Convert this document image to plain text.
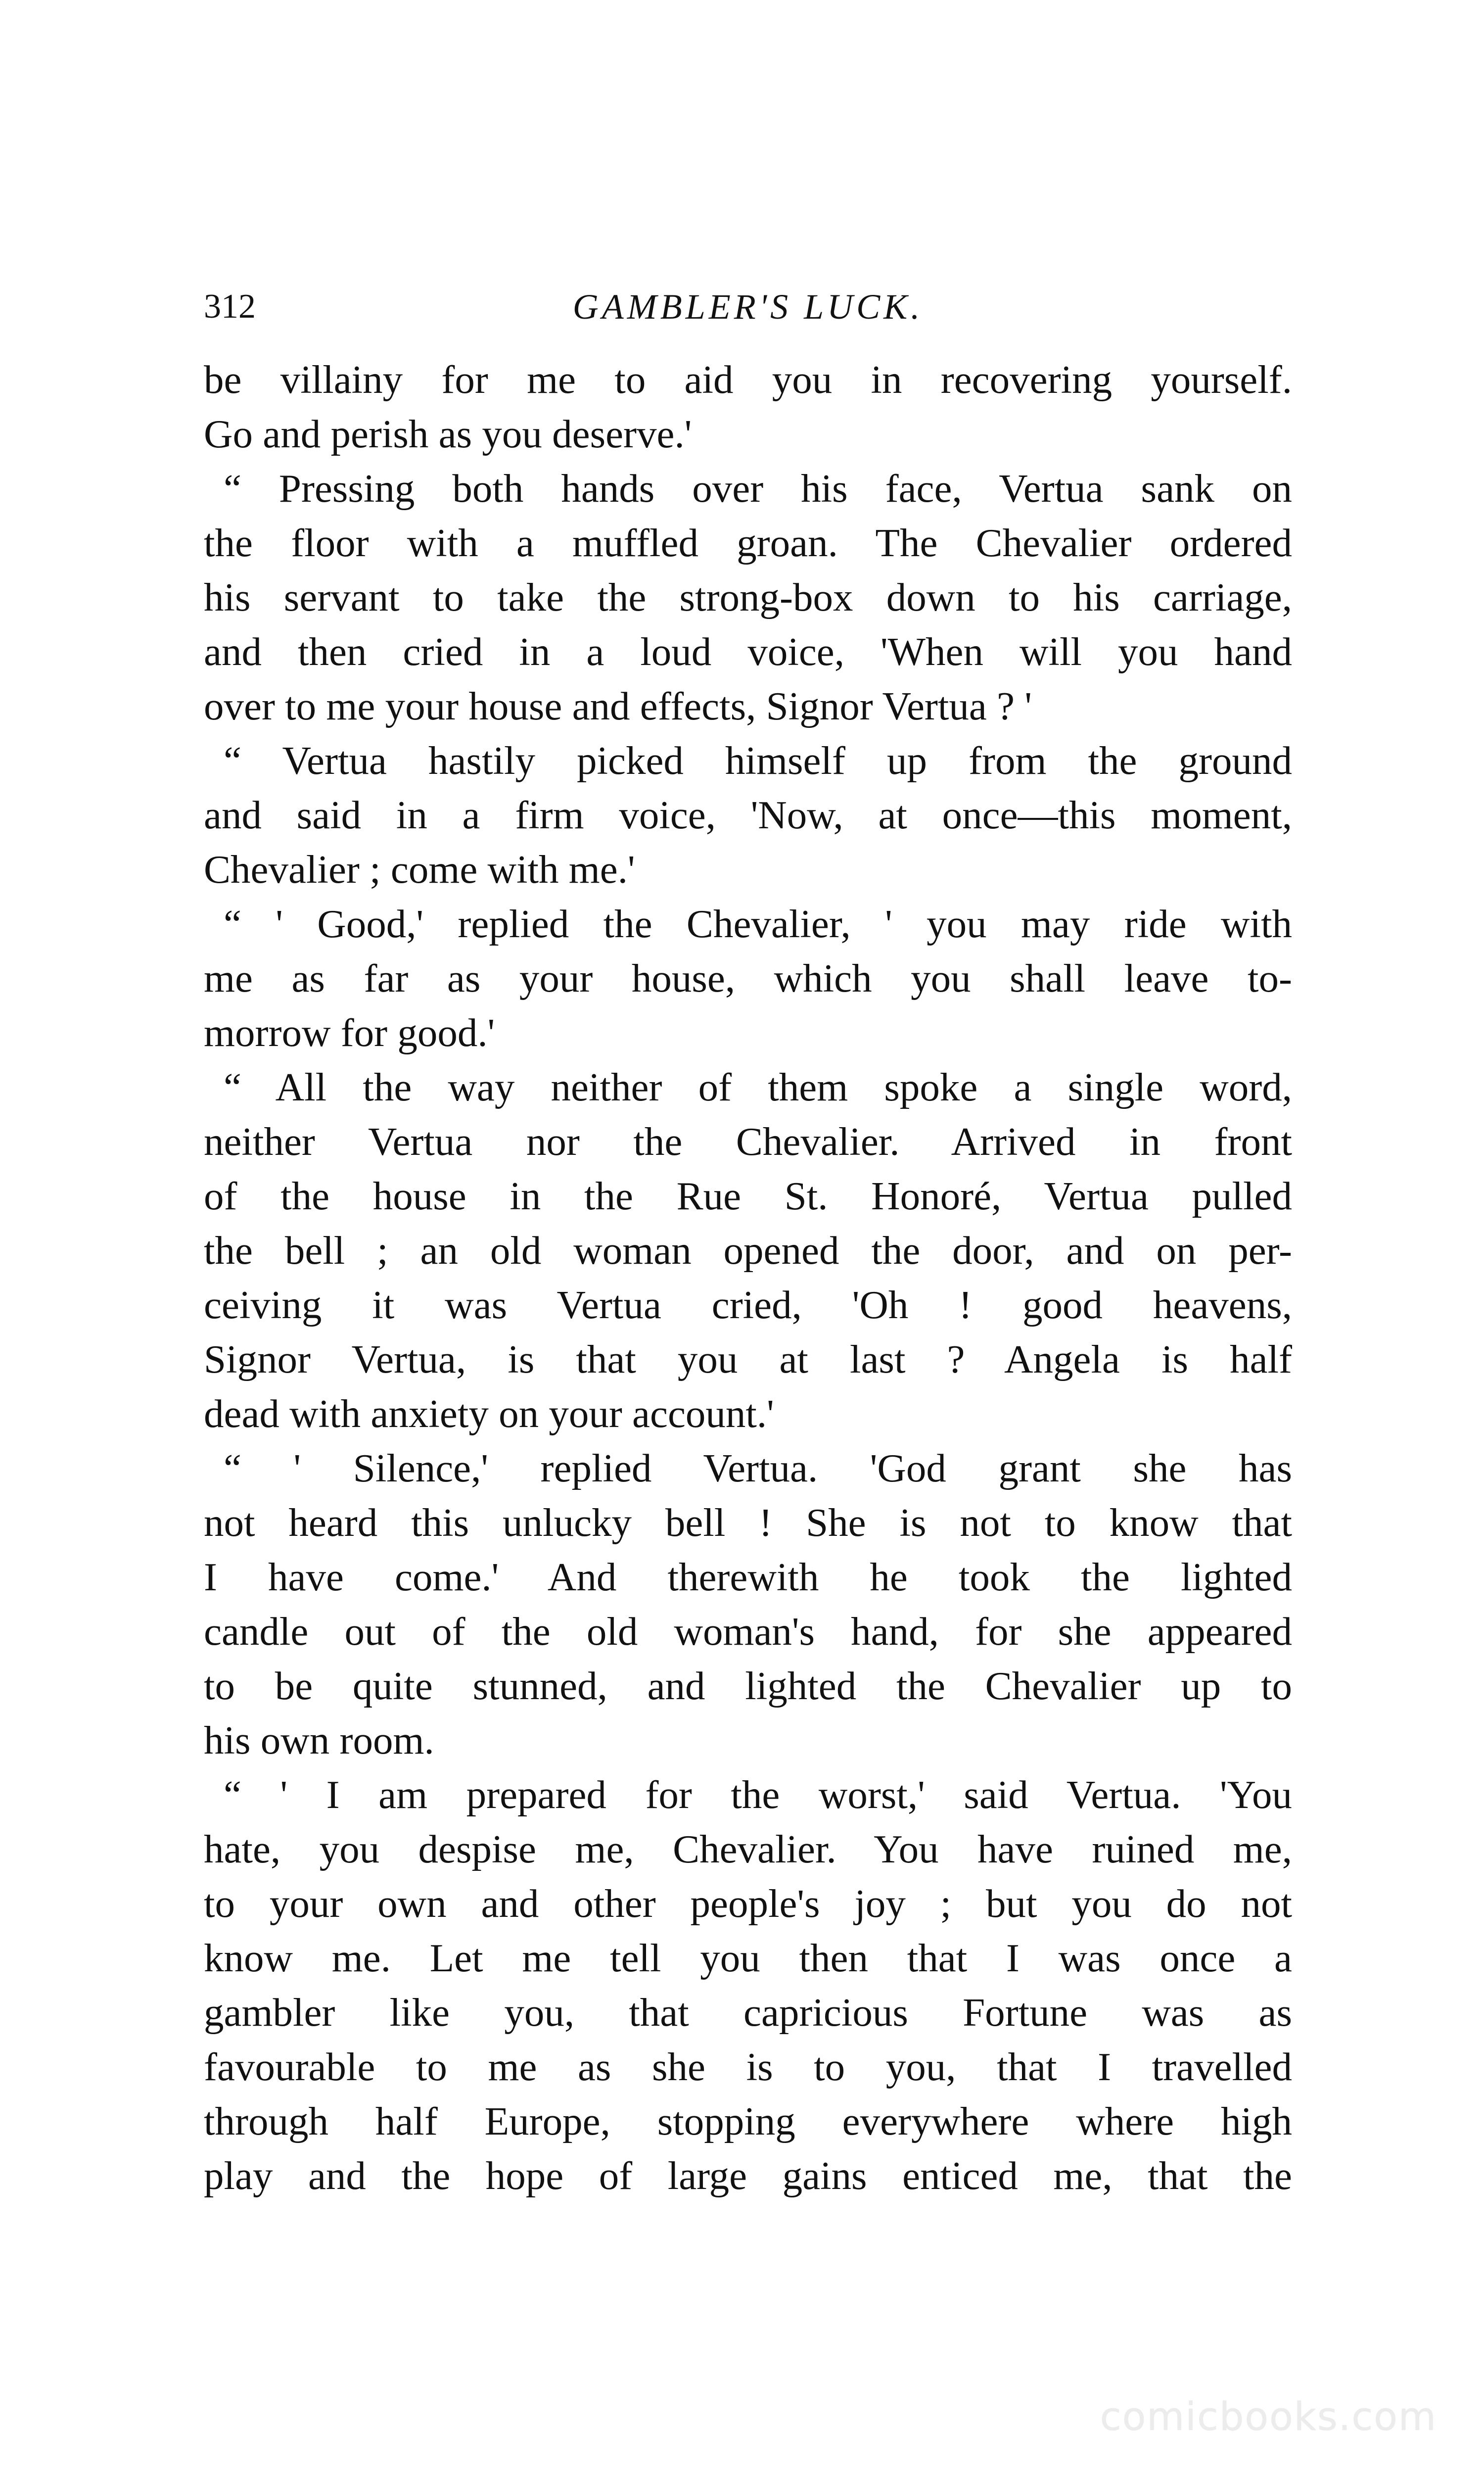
312	GAMBLER'S LUCK.
be villainy for me to aid you in recovering yourself.
Go and perish as you deserve.'
“ Pressing both hands over his face, Vertua sank on
the floor with a muffled groan. The Chevalier ordered
his servant to take the strong-box down to his carriage,
and then cried in a loud voice, 'When will you hand
over to me your house and effects, Signor Vertua ? '
“ Vertua hastily picked himself up from the ground
and said in a firm voice, 'Now, at once—this moment,
Chevalier ; come with me.'
“ ' Good,' replied the Chevalier, ' you may ride with
me as far as your house, which you shall leave to-
morrow for good.'
“ All the way neither of them spoke a single word,
neither Vertua nor the Chevalier. Arrived in front
of the house in the Rue St. Honoré, Vertua pulled
the bell ; an old woman opened the door, and on per-
ceiving it was Vertua cried, 'Oh ! good heavens,
Signor Vertua, is that you at last ? Angela is half
dead with anxiety on your account.'
“ ' Silence,' replied Vertua. 'God grant she has
not heard this unlucky bell ! She is not to know that
I have come.' And therewith he took the lighted
candle out of the old woman's hand, for she appeared
to be quite stunned, and lighted the Chevalier up to
his own room.
“ ' I am prepared for the worst,' said Vertua. 'You
hate, you despise me, Chevalier. You have ruined me,
to your own and other people's joy ; but you do not
know me. Let me tell you then that I was once a
gambler like you, that capricious Fortune was as
favourable to me as she is to you, that I travelled
through half Europe, stopping everywhere where high
play and the hope of large gains enticed me, that the
comicbooks.com
